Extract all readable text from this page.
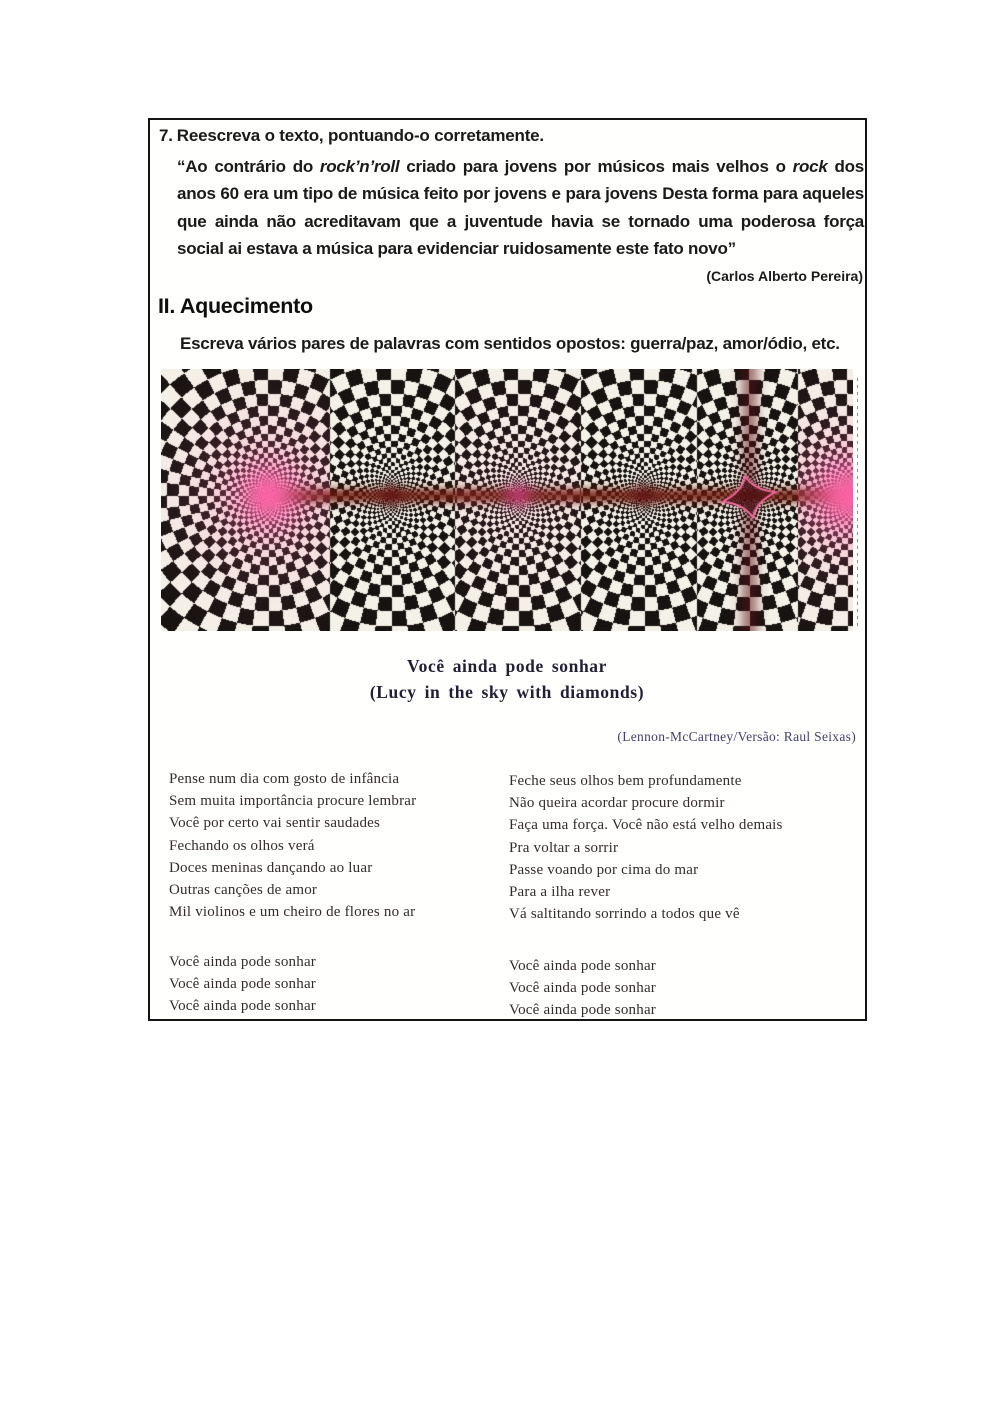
7. Reescreva o texto, pontuando-o corretamente.
“Ao contrário do rock’n’roll criado para jovens por músicos mais velhos o rock dos anos 60 era um tipo de música feito por jovens e para jovens Desta forma para aqueles que ainda não acreditavam que a juventude havia se tornado uma poderosa força social ai estava a música para evidenciar ruidosamente este fato novo”
(Carlos Alberto Pereira)
II. Aquecimento
Escreva vários pares de palavras com sentidos opostos: guerra/paz, amor/ódio, etc.
Você ainda pode sonhar
(Lucy in the sky with diamonds)
(Lennon-McCartney/Versão: Raul Seixas)
Pense num dia com gosto de infância
Sem muita importância procure lembrar
Você por certo vai sentir saudades
Fechando os olhos verá
Doces meninas dançando ao luar
Outras canções de amor
Mil violinos e um cheiro de flores no ar
Feche seus olhos bem profundamente
Não queira acordar procure dormir
Faça uma força. Você não está velho demais
Pra voltar a sorrir
Passe voando por cima do mar
Para a ilha rever
Vá saltitando sorrindo a todos que vê
Você ainda pode sonhar
Você ainda pode sonhar
Você ainda pode sonhar
Você ainda pode sonhar
Você ainda pode sonhar
Você ainda pode sonhar
